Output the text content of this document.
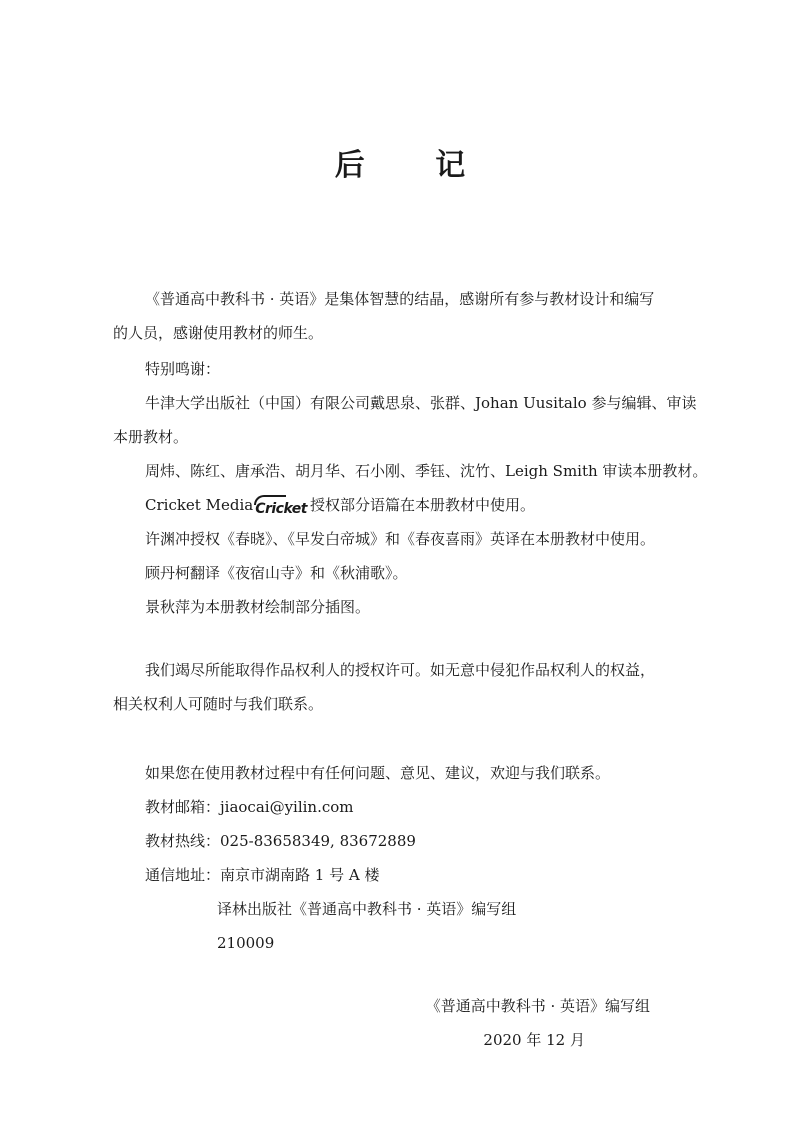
后 记

《普通高中教科书 · 英语》是集体智慧的结晶，感谢所有参与教材设计和编写

的人员，感谢使用教材的师生。

特别鸣谢：

牛津大学出版社（中国）有限公司戴思泉、张群、Johan Uusitalo 参与编辑、审读

本册教材。

周炜、陈红、唐承浩、胡月华、石小刚、季钰、沈竹、Leigh Smith 审读本册教材。

Cricket Media Cricket 授权部分语篇在本册教材中使用。

许渊冲授权《春晓》、《早发白帝城》和《春夜喜雨》英译在本册教材中使用。

顾丹柯翻译《夜宿山寺》和《秋浦歌》。

景秋萍为本册教材绘制部分插图。

我们竭尽所能取得作品权利人的授权许可。如无意中侵犯作品权利人的权益，

相关权利人可随时与我们联系。

如果您在使用教材过程中有任何问题、意见、建议，欢迎与我们联系。

教材邮箱：jiaocai@yilin.com

教材热线：025-83658349, 83672889

通信地址：南京市湖南路 1 号 A 楼

译林出版社《普通高中教科书 · 英语》编写组

210009

《普通高中教科书 · 英语》编写组

2020 年 12 月
